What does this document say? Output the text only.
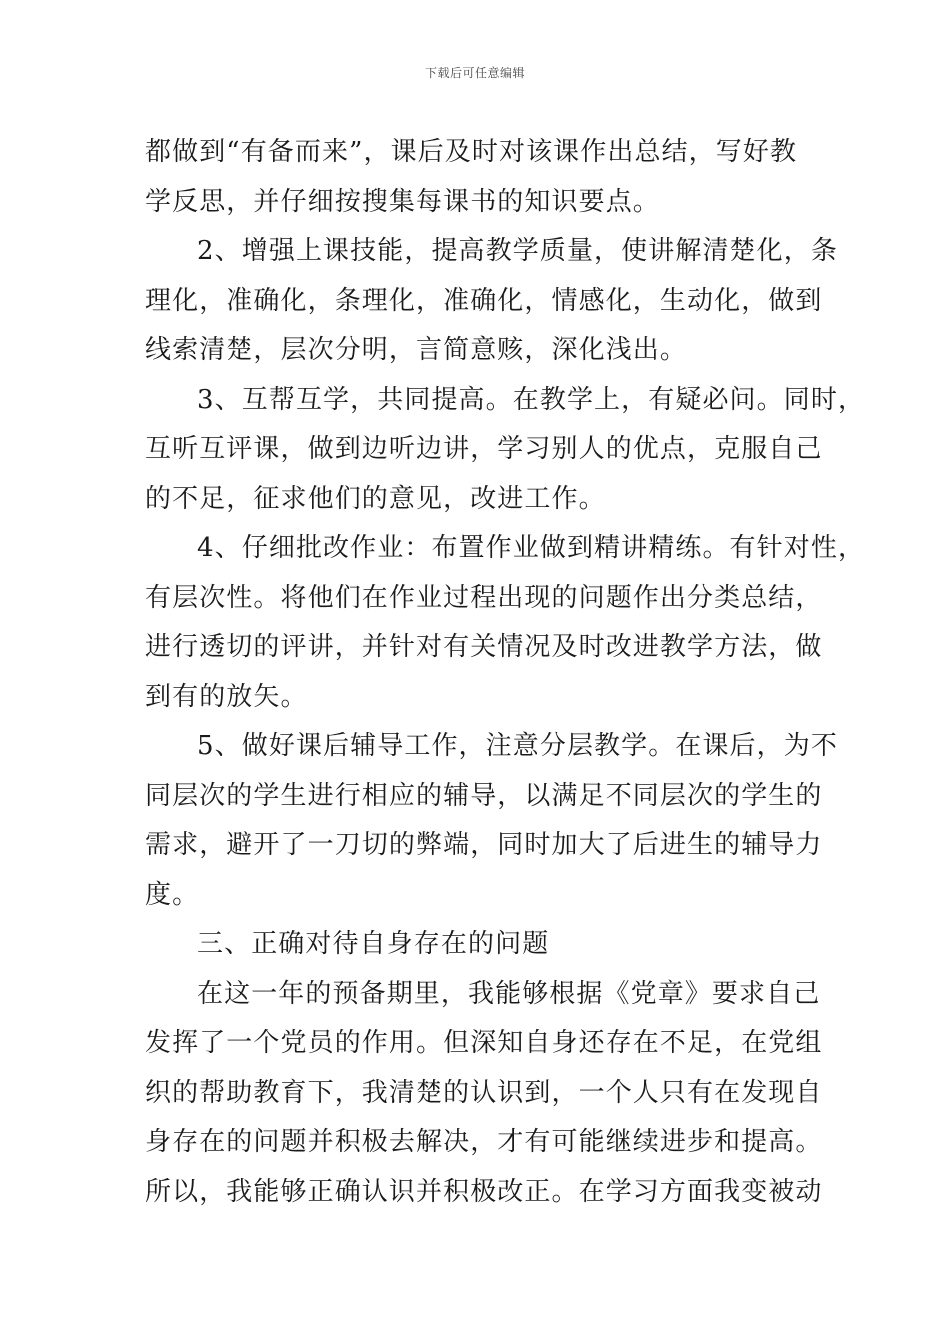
下载后可任意编辑
都做到“有备而来”，课后及时对该课作出总结，写好教
学反思，并仔细按搜集每课书的知识要点。
2、增强上课技能，提高教学质量，使讲解清楚化，条
理化，准确化，条理化，准确化，情感化，生动化，做到
线索清楚，层次分明，言简意赅，深化浅出。
3、互帮互学，共同提高。在教学上，有疑必问。同时，
互听互评课，做到边听边讲，学习别人的优点，克服自己
的不足，征求他们的意见，改进工作。
4、仔细批改作业：布置作业做到精讲精练。有针对性，
有层次性。将他们在作业过程出现的问题作出分类总结，
进行透切的评讲，并针对有关情况及时改进教学方法，做
到有的放矢。
5、做好课后辅导工作，注意分层教学。在课后，为不
同层次的学生进行相应的辅导，以满足不同层次的学生的
需求，避开了一刀切的弊端，同时加大了后进生的辅导力
度。
三、正确对待自身存在的问题
在这一年的预备期里，我能够根据《党章》要求自己
发挥了一个党员的作用。但深知自身还存在不足，在党组
织的帮助教育下，我清楚的认识到，一个人只有在发现自
身存在的问题并积极去解决，才有可能继续进步和提高。
所以，我能够正确认识并积极改正。在学习方面我变被动
